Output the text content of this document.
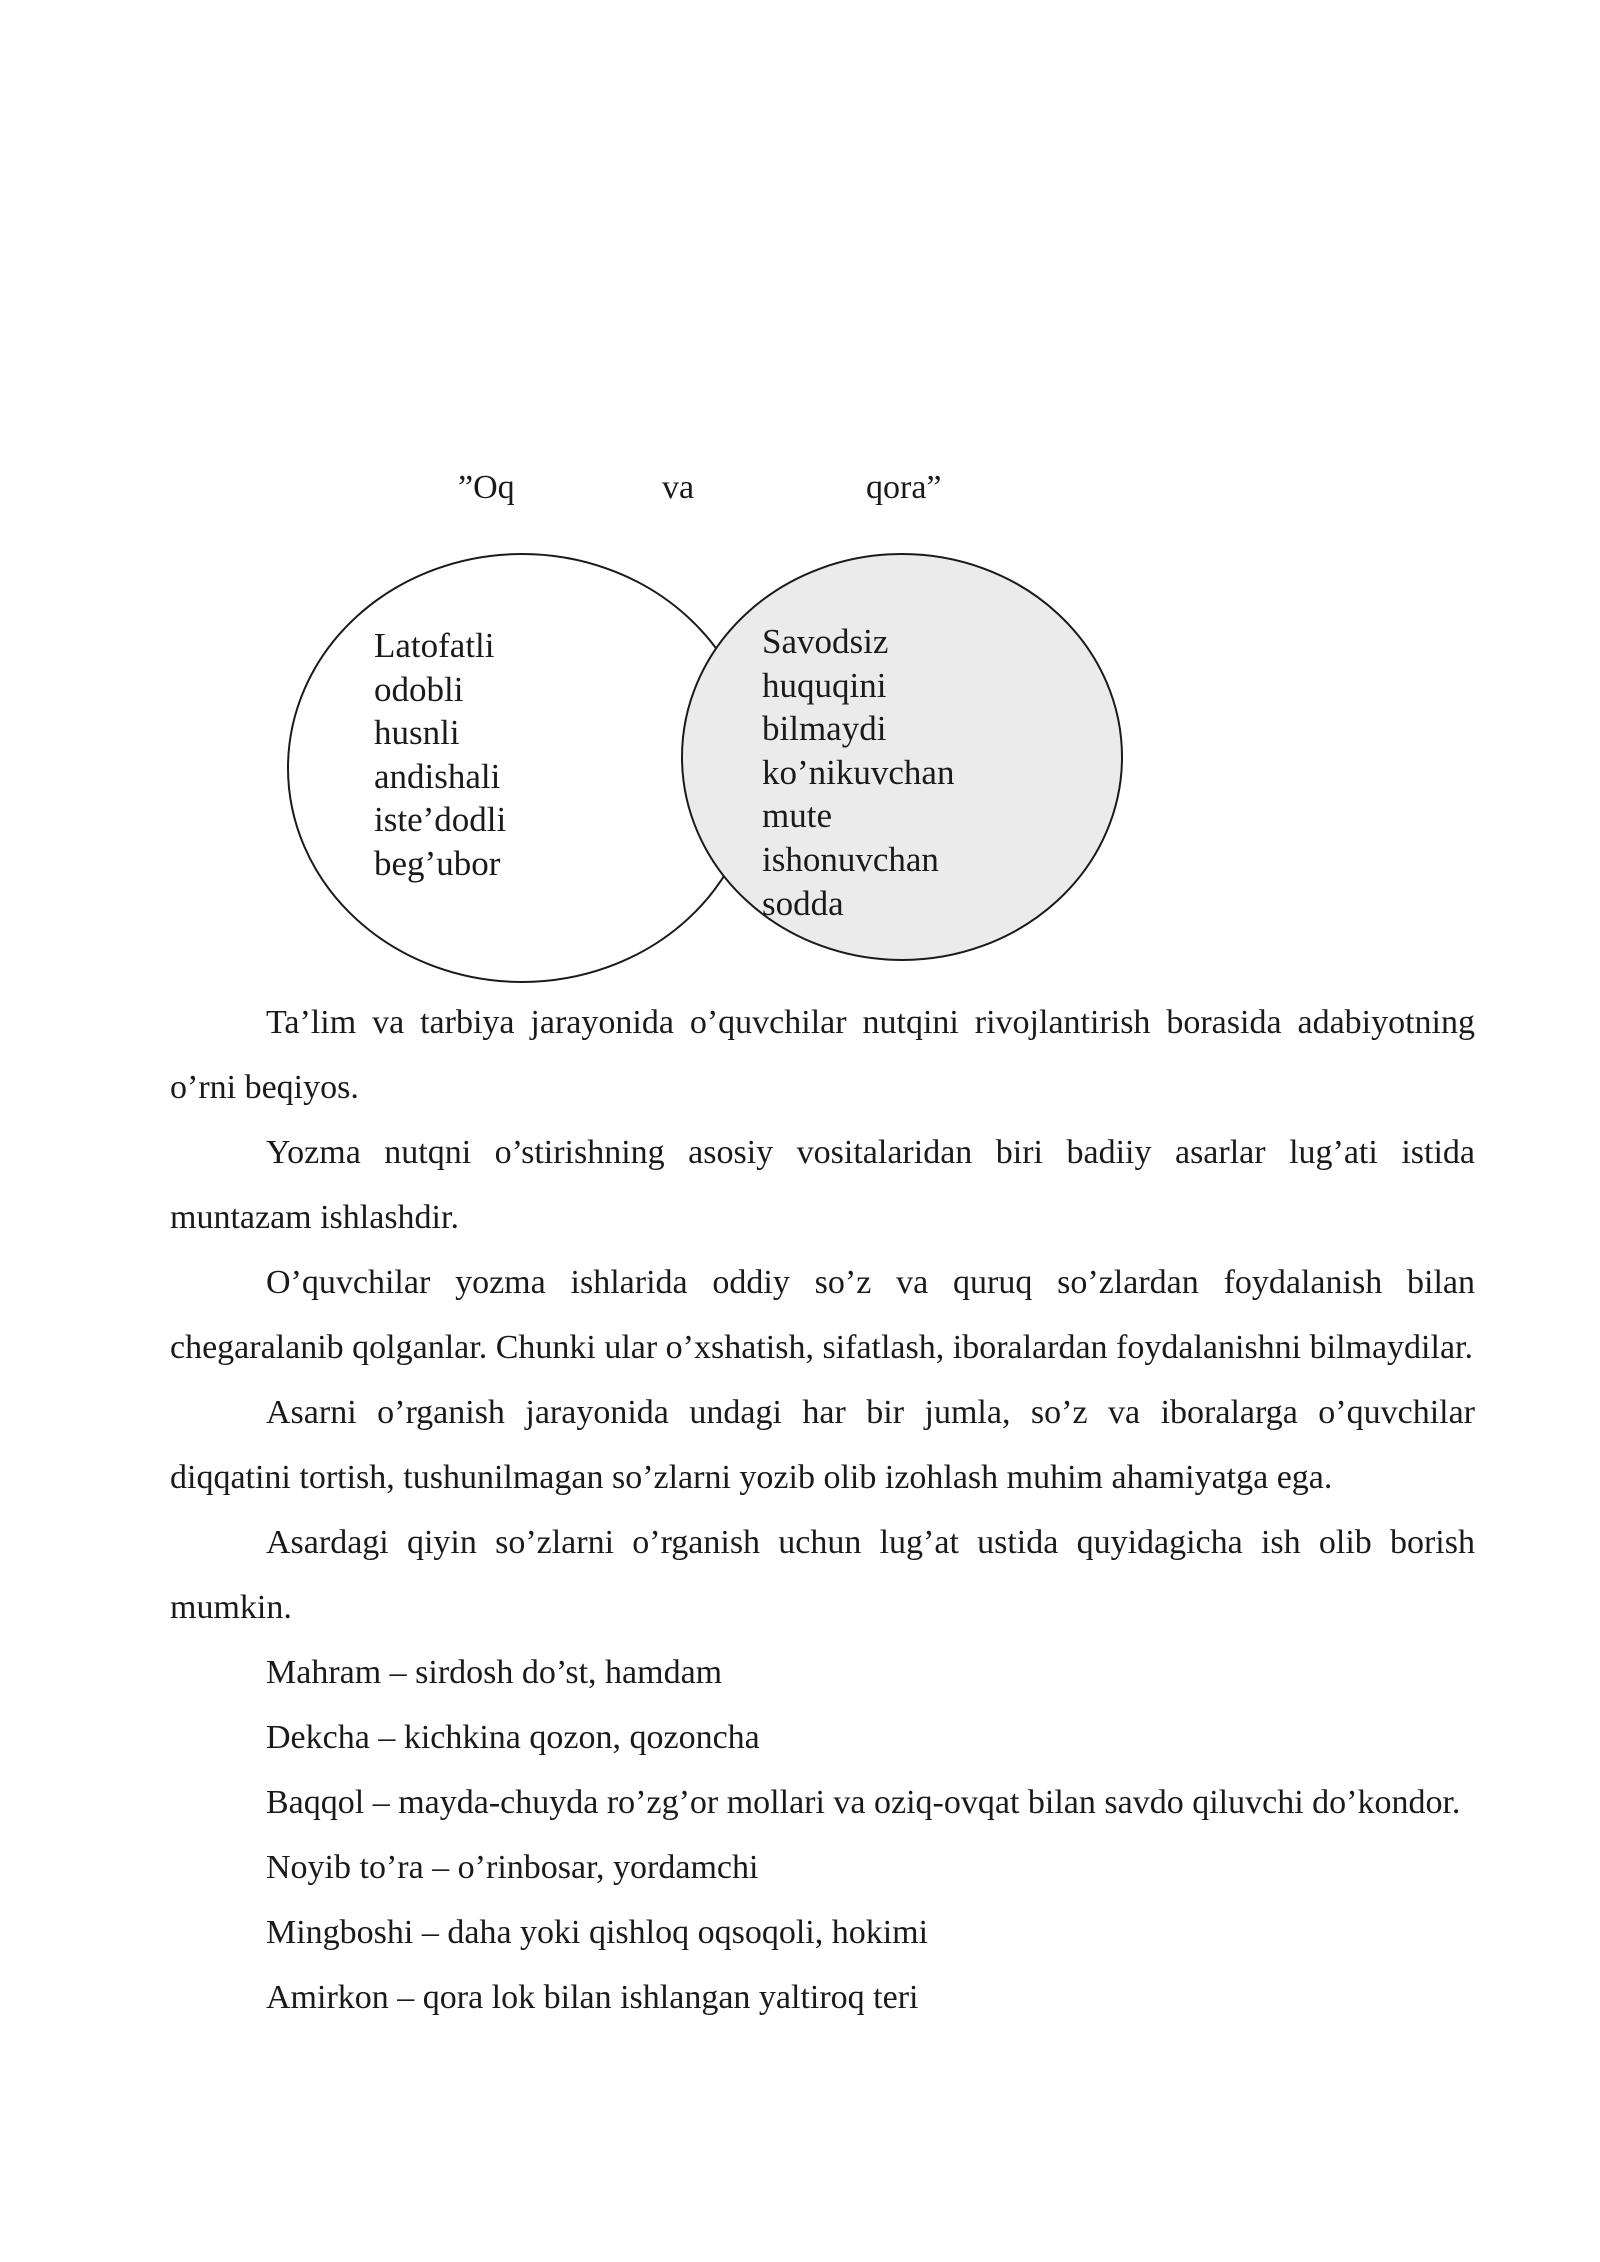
”Oq	va	qora”
Latofatli
odobli
husnli
andishali
iste’dodli
beg’ubor
Savodsiz
huquqini
bilmaydi
ko’nikuvchan
mute
ishonuvchan
sodda

Ta’lim va tarbiya jarayonida o’quvchilar nutqini rivojlantirish borasida adabiyotning o’rni beqiyos.

Yozma nutqni o’stirishning asosiy vositalaridan biri badiiy asarlar lug’ati istida muntazam ishlashdir.

O’quvchilar yozma ishlarida oddiy so’z va quruq so’zlardan foydalanish bilan chegaralanib qolganlar. Chunki ular o’xshatish, sifatlash, iboralardan foydalanishni bilmaydilar.

Asarni o’rganish jarayonida undagi har bir jumla, so’z va iboralarga o’quvchilar diqqatini tortish, tushunilmagan so’zlarni yozib olib izohlash muhim ahamiyatga ega.

Asardagi qiyin so’zlarni o’rganish uchun lug’at ustida quyidagicha ish olib borish mumkin.

Mahram – sirdosh do’st, hamdam

Dekcha – kichkina qozon, qozoncha

Baqqol – mayda-chuyda ro’zg’or mollari va oziq-ovqat bilan savdo qiluvchi do’kondor.

Noyib to’ra – o’rinbosar, yordamchi

Mingboshi – daha yoki qishloq oqsoqoli, hokimi

Amirkon – qora lok bilan ishlangan yaltiroq teri
